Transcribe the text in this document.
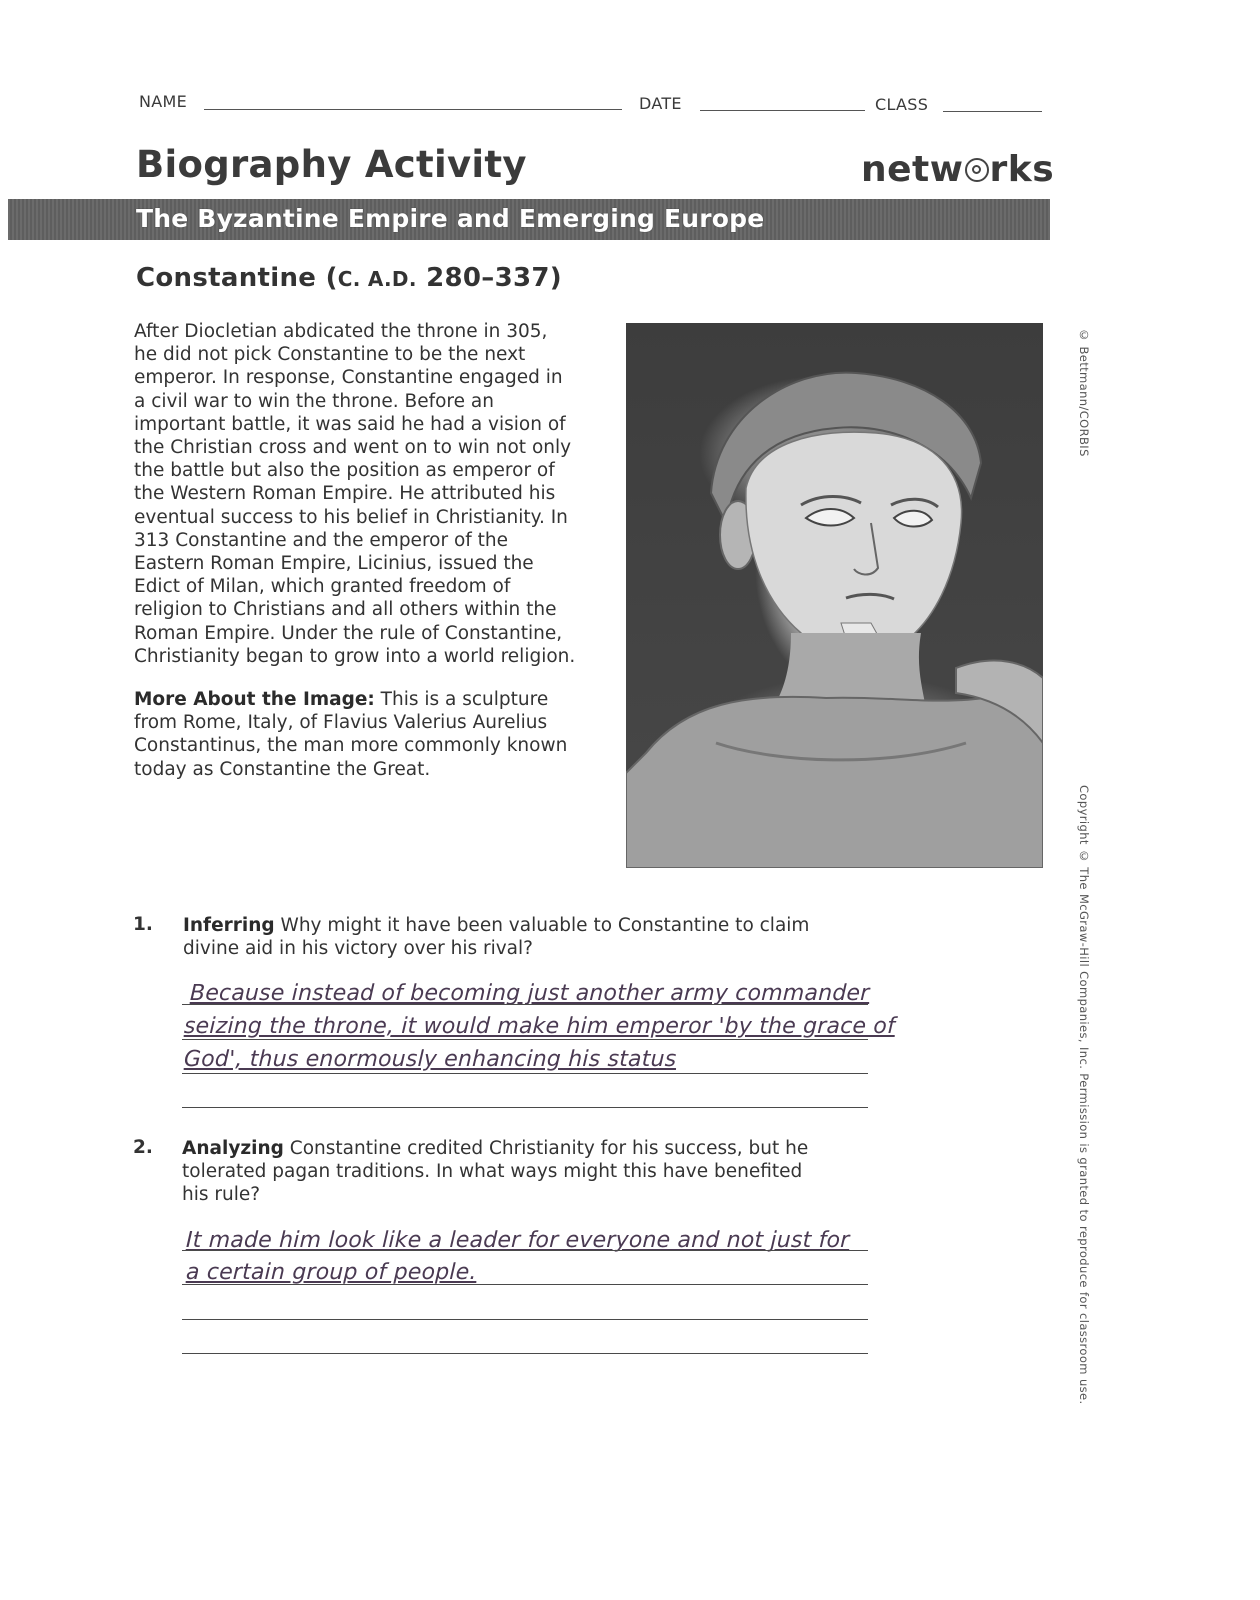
NAME	DATE	CLASS
Biography Activity	netw rks
The Byzantine Empire and Emerging Europe
Constantine (C. A.D. 280–337)
After Diocletian abdicated the throne in 305,
he did not pick Constantine to be the next
emperor. In response, Constantine engaged in
a civil war to win the throne. Before an
important battle, it was said he had a vision of
the Christian cross and went on to win not only
the battle but also the position as emperor of
the Western Roman Empire. He attributed his
eventual success to his belief in Christianity. In
313 Constantine and the emperor of the
Eastern Roman Empire, Licinius, issued the
Edict of Milan, which granted freedom of
religion to Christians and all others within the
Roman Empire. Under the rule of Constantine,
Christianity began to grow into a world religion.
More About the Image: This is a sculpture
from Rome, Italy, of Flavius Valerius Aurelius
Constantinus, the man more commonly known
today as Constantine the Great.
© Bettmann/CORBIS
Copyright © The McGraw-Hill Companies, Inc. Permission is granted to reproduce for classroom use.
1. Inferring Why might it have been valuable to Constantine to claim
divine aid in his victory over his rival?
Because instead of becoming just another army commander
seizing the throne, it would make him emperor 'by the grace of
God', thus enormously enhancing his status
2. Analyzing Constantine credited Christianity for his success, but he
tolerated pagan traditions. In what ways might this have benefited
his rule?
It made him look like a leader for everyone and not just for
a certain group of people.
